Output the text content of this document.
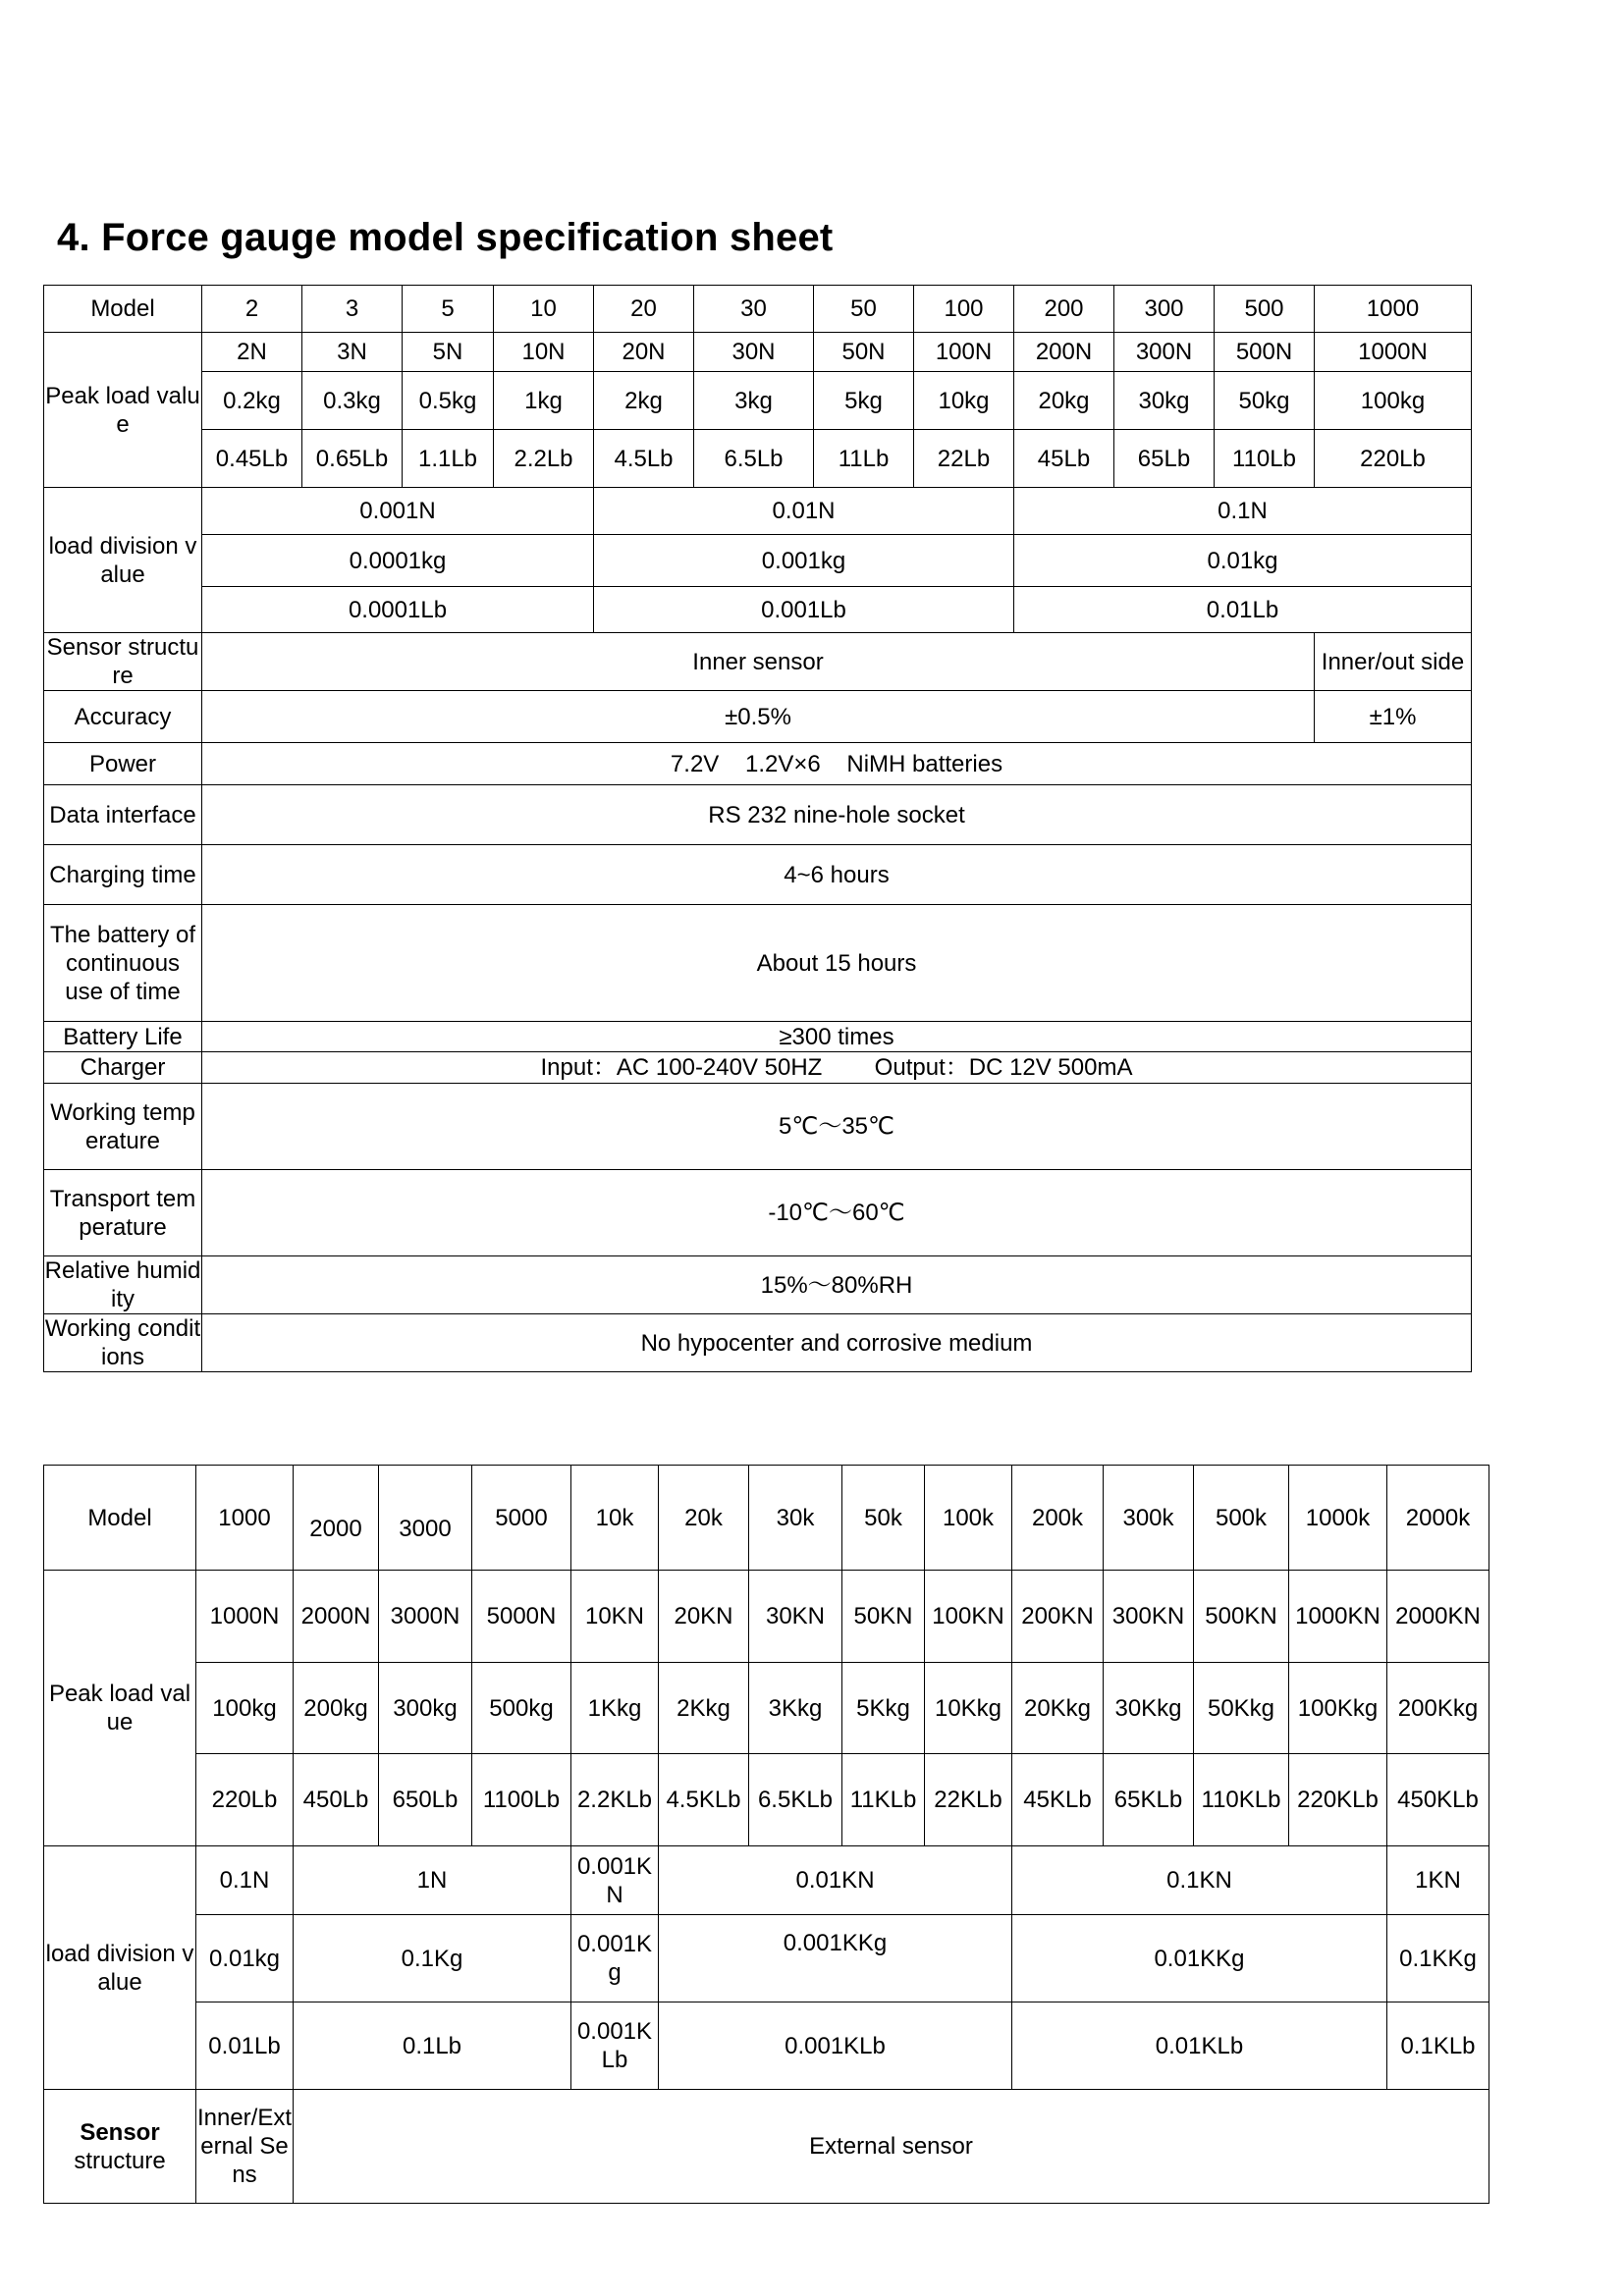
4. Force gauge model specification sheet
Model	2	3	5	10	20	30	50	100	200	300	500	1000
Peak load value	2N	3N	5N	10N	20N	30N	50N	100N	200N	300N	500N	1000N
	0.2kg	0.3kg	0.5kg	1kg	2kg	3kg	5kg	10kg	20kg	30kg	50kg	100kg
	0.45Lb	0.65Lb	1.1Lb	2.2Lb	4.5Lb	6.5Lb	11Lb	22Lb	45Lb	65Lb	110Lb	220Lb
load division value	0.001N				0.01N				0.1N			
	0.0001kg				0.001kg				0.01kg			
	0.0001Lb				0.001Lb				0.01Lb			
Sensor structure	Inner sensor											Inner/out side
Accuracy	±0.5%											±1%
Power	7.2V    1.2V×6    NiMH batteries											
Data interface	RS 232 nine-hole socket											
Charging time	4~6 hours											
The battery of continuous use of time	About 15 hours											
Battery Life	≥300 times											
Charger	Input：AC 100-240V 50HZ        Output：DC 12V 500mA											
Working temperature	5℃～35℃											
Transport temperature	-10℃～60℃											
Relative humidity	15%～80%RH											
Working conditions	No hypocenter and corrosive medium											
Model	1000	2000	3000	5000	10k	20k	30k	50k	100k	200k	300k	500k	1000k	2000k
Peak load value	1000N	2000N	3000N	5000N	10KN	20KN	30KN	50KN	100KN	200KN	300KN	500KN	1000KN	2000KN
	100kg	200kg	300kg	500kg	1Kkg	2Kkg	3Kkg	5Kkg	10Kkg	20Kkg	30Kkg	50Kkg	100Kkg	200Kkg
	220Lb	450Lb	650Lb	1100Lb	2.2KLb	4.5KLb	6.5KLb	11KLb	22KLb	45KLb	65KLb	110KLb	220KLb	450KLb
load division value	0.1N	1N			0.001KN	0.01KN				0.1KN				1KN
	0.01kg	0.1Kg			0.001Kg	0.001KKg				0.01KKg				0.1KKg
	0.01Lb	0.1Lb			0.001KLb	0.001KLb				0.01KLb				0.1KLb
Sensor
structure	Inner/External Sens	External sensor												
